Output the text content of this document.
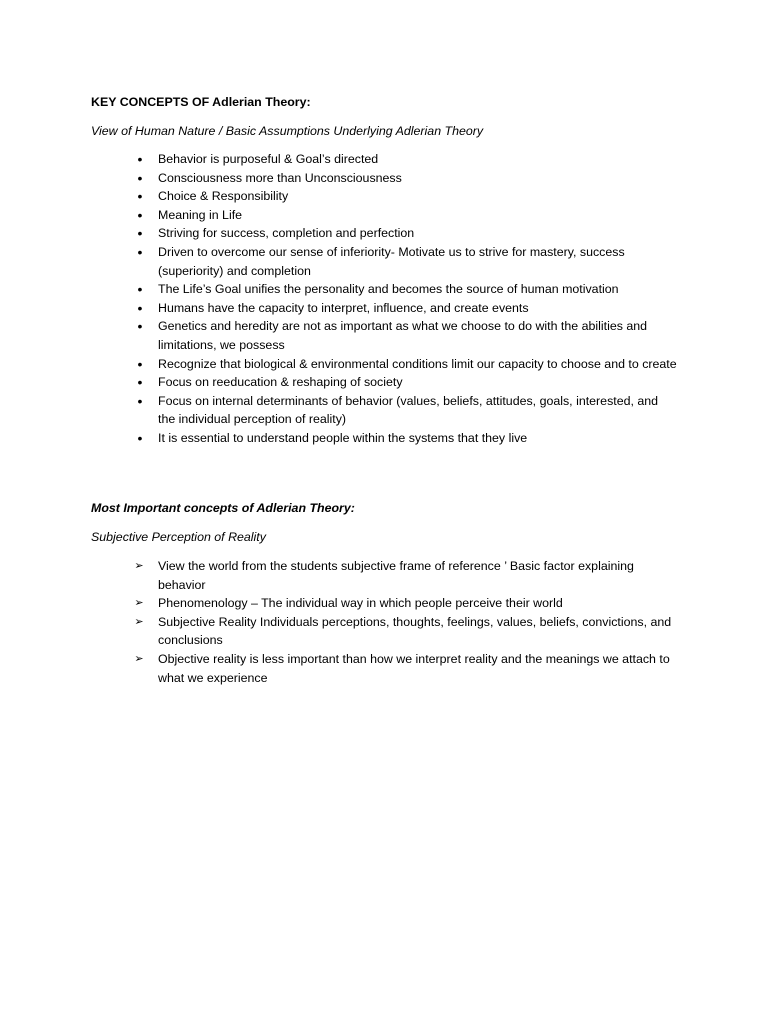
KEY CONCEPTS OF Adlerian Theory:

View of Human Nature / Basic Assumptions Underlying Adlerian Theory

•	Behavior is purposeful & Goal’s directed
•	Consciousness more than Unconsciousness
•	Choice & Responsibility
•	Meaning in Life
•	Striving for success, completion and perfection
•	Driven to overcome our sense of inferiority- Motivate us to strive for mastery, success (superiority) and completion
•	The Life’s Goal unifies the personality and becomes the source of human motivation
•	Humans have the capacity to interpret, influence, and create events
•	Genetics and heredity are not as important as what we choose to do with the abilities and limitations, we possess
•	Recognize that biological & environmental conditions limit our capacity to choose and to create
•	Focus on reeducation & reshaping of society
•	Focus on internal determinants of behavior (values, beliefs, attitudes, goals, interested, and the individual perception of reality)
•	It is essential to understand people within the systems that they live

Most Important concepts of Adlerian Theory:

Subjective Perception of Reality

➢ View the world from the students subjective frame of reference ’ Basic factor explaining behavior
➢ Phenomenology – The individual way in which people perceive their world
➢ Subjective Reality Individuals perceptions, thoughts, feelings, values, beliefs, convictions, and conclusions
➢ Objective reality is less important than how we interpret reality and the meanings we attach to what we experience
